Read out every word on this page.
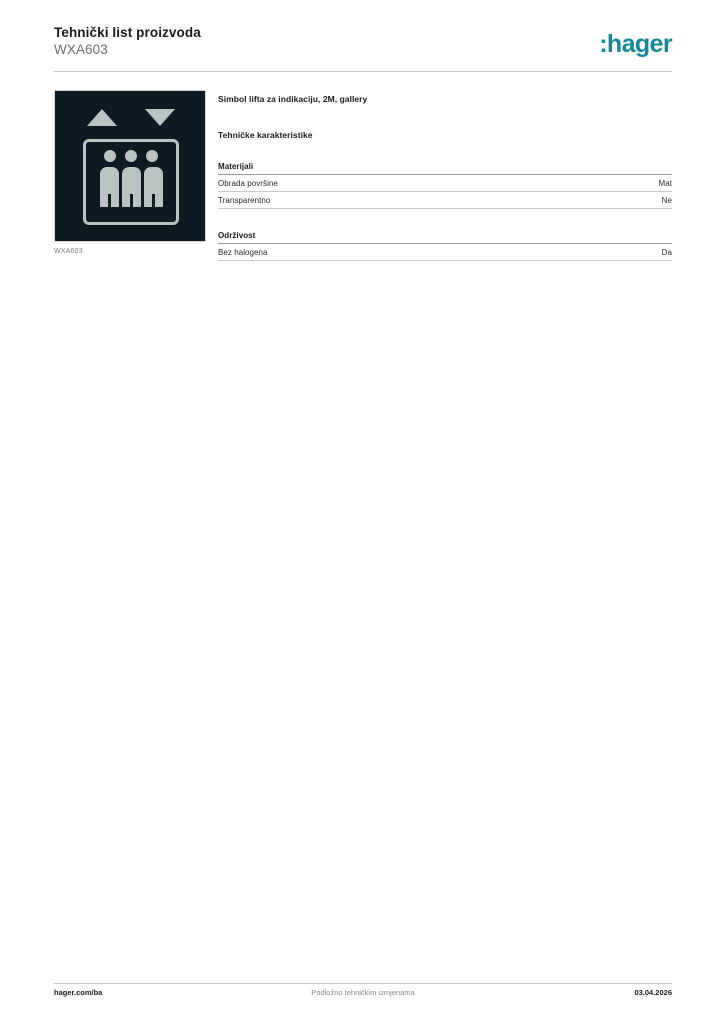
Tehnički list proizvoda
WXA603	:hager
WXA603
Simbol lifta za indikaciju, 2M, gallery
Tehničke karakteristike
Materijali
Obrada površine	Mat
Transparentno	Ne
Održivost
Bez halogena	Da
hager.com/ba	Podložno tehničkim izmjenama	03.04.2026
